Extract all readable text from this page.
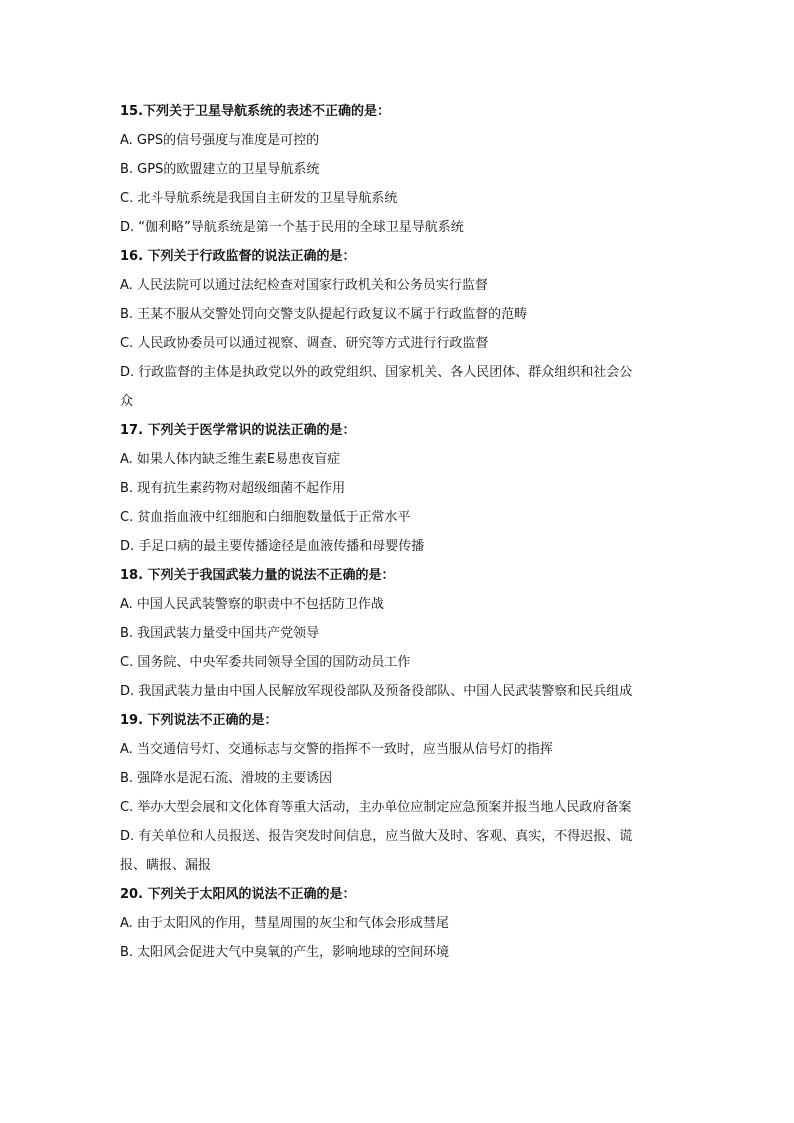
15.下列关于卫星导航系统的表述不正确的是：
A. GPS的信号强度与准度是可控的
B. GPS的欧盟建立的卫星导航系统
C. 北斗导航系统是我国自主研发的卫星导航系统
D. “伽利略”导航系统是第一个基于民用的全球卫星导航系统
16. 下列关于行政监督的说法正确的是：
A. 人民法院可以通过法纪检查对国家行政机关和公务员实行监督
B. 王某不服从交警处罚向交警支队提起行政复议不属于行政监督的范畴
C. 人民政协委员可以通过视察、调查、研究等方式进行行政监督
D. 行政监督的主体是执政党以外的政党组织、国家机关、各人民团体、群众组织和社会公
众
17. 下列关于医学常识的说法正确的是：
A. 如果人体内缺乏维生素E易患夜盲症
B. 现有抗生素药物对超级细菌不起作用
C. 贫血指血液中红细胞和白细胞数量低于正常水平
D. 手足口病的最主要传播途径是血液传播和母婴传播
18. 下列关于我国武装力量的说法不正确的是：
A. 中国人民武装警察的职责中不包括防卫作战
B. 我国武装力量受中国共产党领导
C. 国务院、中央军委共同领导全国的国防动员工作
D. 我国武装力量由中国人民解放军现役部队及预备役部队、中国人民武装警察和民兵组成
19. 下列说法不正确的是：
A. 当交通信号灯、交通标志与交警的指挥不一致时，应当服从信号灯的指挥
B. 强降水是泥石流、滑坡的主要诱因
C. 举办大型会展和文化体育等重大活动，主办单位应制定应急预案并报当地人民政府备案
D. 有关单位和人员报送、报告突发时间信息，应当做大及时、客观、真实，不得迟报、谎
报、瞒报、漏报
20. 下列关于太阳风的说法不正确的是：
A. 由于太阳风的作用，彗星周围的灰尘和气体会形成彗尾
B. 太阳风会促进大气中臭氧的产生，影响地球的空间环境
